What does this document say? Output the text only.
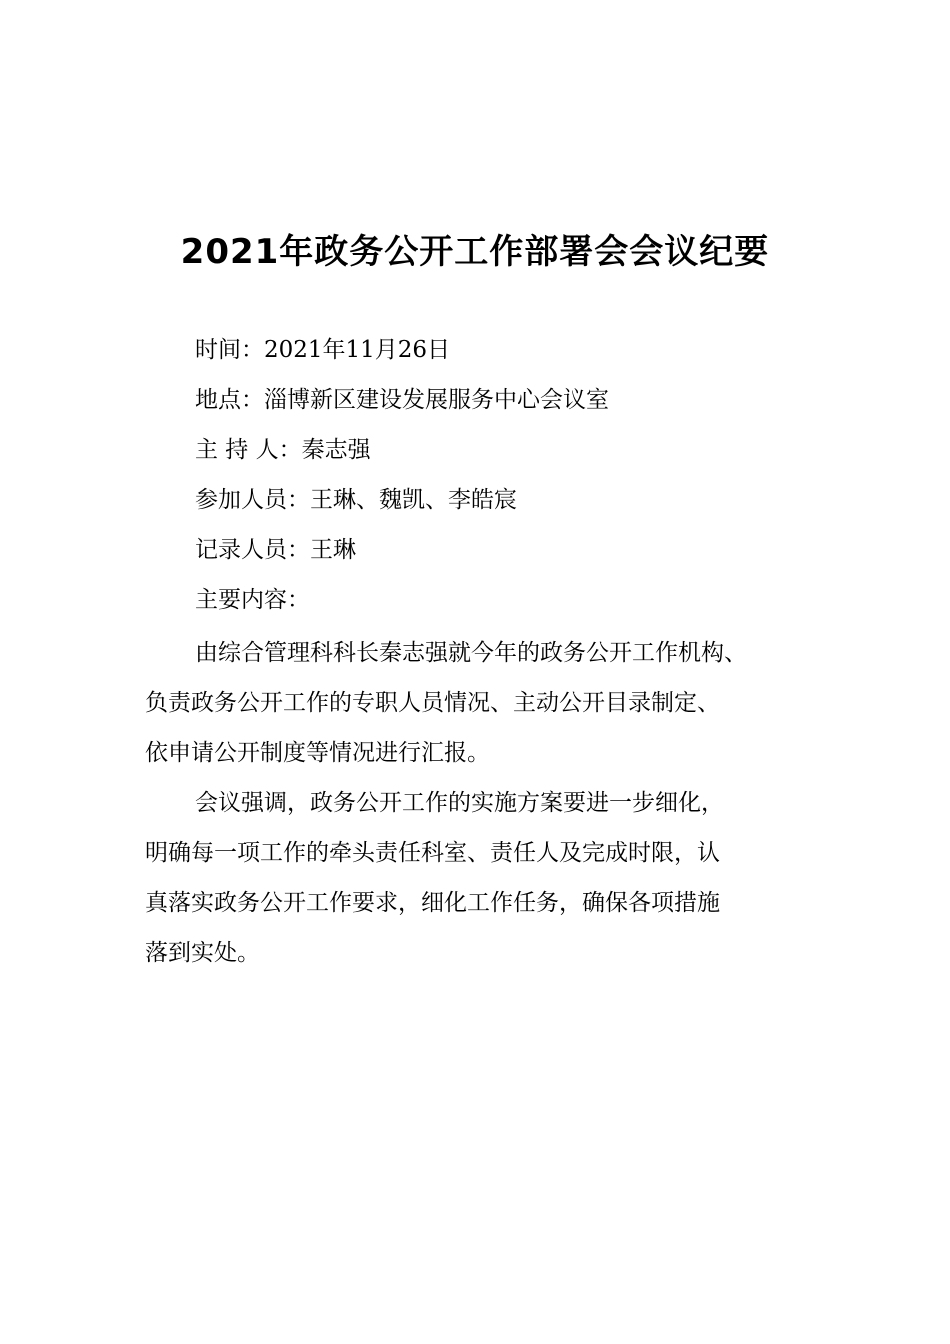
2021年政务公开工作部署会会议纪要
时间：2021年11月26日
地点：淄博新区建设发展服务中心会议室
主 持 人：秦志强
参加人员：王琳、魏凯、李皓宸
记录人员：王琳
主要内容：

由综合管理科科长秦志强就今年的政务公开工作机构、
负责政务公开工作的专职人员情况、主动公开目录制定、
依申请公开制度等情况进行汇报。

会议强调，政务公开工作的实施方案要进一步细化，
明确每一项工作的牵头责任科室、责任人及完成时限，认
真落实政务公开工作要求，细化工作任务，确保各项措施
落到实处。
